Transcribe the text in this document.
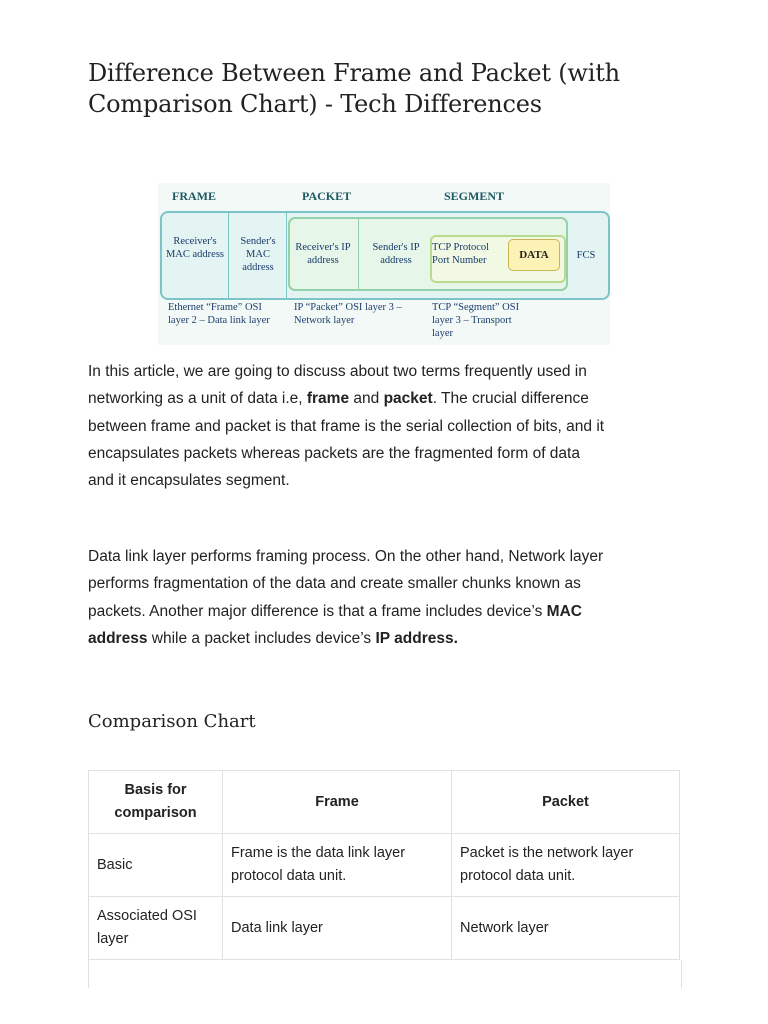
Difference Between Frame and Packet (with Comparison Chart) - Tech Differences
FRAME	PACKET	SEGMENT
Receiver's MAC address
Sender's MAC address
Receiver's IP address
Sender's IP address
TCP Protocol Port Number	DATA	FCS
Ethernet “Frame” OSI layer 2 – Data link layer
IP “Packet” OSI layer 3 – Network layer
TCP “Segment” OSI layer 3 – Transport layer

In this article, we are going to discuss about two terms frequently used in networking as a unit of data i.e, frame and packet. The crucial difference between frame and packet is that frame is the serial collection of bits, and it encapsulates packets whereas packets are the fragmented form of data and it encapsulates segment.

Data link layer performs framing process. On the other hand, Network layer performs fragmentation of the data and create smaller chunks known as packets. Another major difference is that a frame includes device’s MAC address while a packet includes device’s IP address.

Comparison Chart
Basis for comparison	Frame	Packet
Basic	Frame is the data link layer protocol data unit.	Packet is the network layer protocol data unit.
Associated OSI layer	Data link layer	Network layer
